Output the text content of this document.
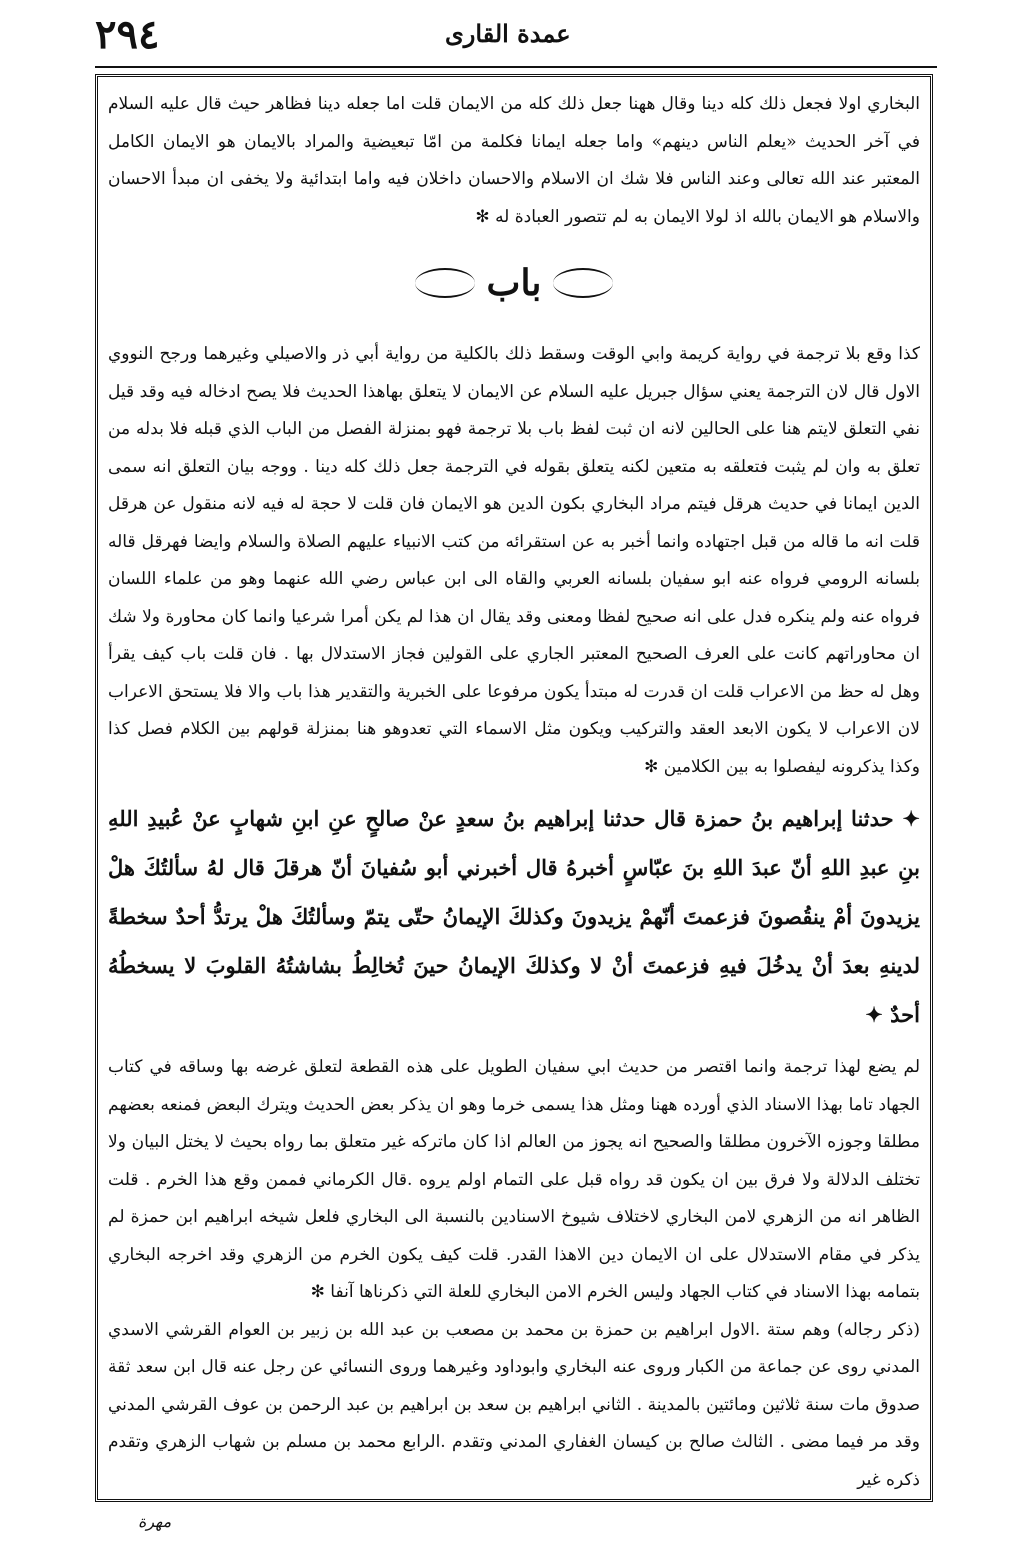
٢٩٤	عمدة القاری

البخاري اولا فجعل ذلك كله دينا وقال ههنا جعل ذلك كله من الايمان قلت اما جعله دينا فظاهر حيث قال عليه السلام في آخر الحديث «يعلم الناس دينهم» واما جعله ايمانا فكلمة من امّا تبعيضية والمراد بالايمان هو الايمان الكامل المعتبر عند الله تعالى وعند الناس فلا شك ان الاسلام والاحسان داخلان فيه واما ابتدائية ولا يخفى ان مبدأ الاحسان والاسلام هو الايمان بالله اذ لولا الايمان به لم تتصور العبادة له ✻

باب

كذا وقع بلا ترجمة في رواية كريمة وابي الوقت وسقط ذلك بالكلية من رواية أبي ذر والاصيلي وغيرهما ورجح النووي الاول قال لان الترجمة يعني سؤال جبريل عليه السلام عن الايمان لا يتعلق بهاهذا الحديث فلا يصح ادخاله فيه وقد قيل نفي التعلق لايتم هنا على الحالين لانه ان ثبت لفظ باب بلا ترجمة فهو بمنزلة الفصل من الباب الذي قبله فلا بدله من تعلق به وان لم يثبت فتعلقه به متعين لكنه يتعلق بقوله في الترجمة جعل ذلك كله دينا . ووجه بيان التعلق انه سمى الدين ايمانا في حديث هرقل فيتم مراد البخاري بكون الدين هو الايمان فان قلت لا حجة له فيه لانه منقول عن هرقل قلت انه ما قاله من قبل اجتهاده وانما أخبر به عن استقرائه من كتب الانبياء عليهم الصلاة والسلام وايضا فهرقل قاله بلسانه الرومي فرواه عنه ابو سفيان بلسانه العربي والقاه الى ابن عباس رضي الله عنهما وهو من علماء اللسان فرواه عنه ولم ينكره فدل على انه صحيح لفظا ومعنى وقد يقال ان هذا لم يكن أمرا شرعيا وانما كان محاورة ولا شك ان محاوراتهم كانت على العرف الصحيح المعتبر الجاري على القولين فجاز الاستدلال بها . فان قلت باب كيف يقرأ وهل له حظ من الاعراب قلت ان قدرت له مبتدأ يكون مرفوعا على الخبرية والتقدير هذا باب والا فلا يستحق الاعراب لان الاعراب لا يكون الابعد العقد والتركيب ويكون مثل الاسماء التي تعدوهو هنا بمنزلة قولهم بين الكلام فصل كذا وكذا يذكرونه ليفصلوا به بين الكلامين ✻

✦ حدثنا إبراهيم بنُ حمزة قال حدثنا إبراهيم بنُ سعدٍ عنْ صالحٍ عنِ ابنِ شهابٍ عنْ عُبيدِ اللهِ بنِ عبدِ اللهِ أنّ عبدَ اللهِ بنَ عبّاسٍ أخبرهُ قال أخبرني أبو سُفيانَ أنّ هرقلَ قال لهُ سألتُكَ هلْ يزيدونَ أمْ ينقُصونَ فزعمتَ أنّهمْ يزيدونَ وكذلكَ الإيمانُ حتّى يتمّ وسألتُكَ هلْ يرتدُّ أحدٌ سخطةً لدينهِ بعدَ أنْ يدخُلَ فيهِ فزعمتَ أنْ لا وكذلكَ الإيمانُ حينَ تُخالِطُ بشاشتُهُ القلوبَ لا يسخطُهُ أحدٌ ✦

لم يضع لهذا ترجمة وانما اقتصر من حديث ابي سفيان الطويل على هذه القطعة لتعلق غرضه بها وساقه في كتاب الجهاد تاما بهذا الاسناد الذي أورده ههنا ومثل هذا يسمى خرما وهو ان يذكر بعض الحديث ويترك البعض فمنعه بعضهم مطلقا وجوزه الآخرون مطلقا والصحيح انه يجوز من العالم اذا كان ماتركه غير متعلق بما رواه بحيث لا يختل البيان ولا تختلف الدلالة ولا فرق بين ان يكون قد رواه قبل على التمام اولم يروه .قال الكرماني فممن وقع هذا الخرم . قلت الظاهر انه من الزهري لامن البخاري لاختلاف شيوخ الاسنادين بالنسبة الى البخاري فلعل شيخه ابراهيم ابن حمزة لم يذكر في مقام الاستدلال على ان الايمان دين الاهذا القدر. قلت كيف يكون الخرم من الزهري وقد اخرجه البخاري بتمامه بهذا الاسناد في كتاب الجهاد وليس الخرم الامن البخاري للعلة التي ذكرناها آنفا ✻

(ذكر رجاله) وهم ستة .الاول ابراهيم بن حمزة بن محمد بن مصعب بن عبد الله بن زبير بن العوام القرشي الاسدي المدني روى عن جماعة من الكبار وروى عنه البخاري وابوداود وغيرهما وروى النسائي عن رجل عنه قال ابن سعد ثقة صدوق مات سنة ثلاثين ومائتين بالمدينة . الثاني ابراهيم بن سعد بن ابراهيم بن عبد الرحمن بن عوف القرشي المدني وقد مر فيما مضى . الثالث صالح بن كيسان الغفاري المدني وتقدم .الرابع محمد بن مسلم بن شهاب الزهري وتقدم ذكره غير

مهرة
